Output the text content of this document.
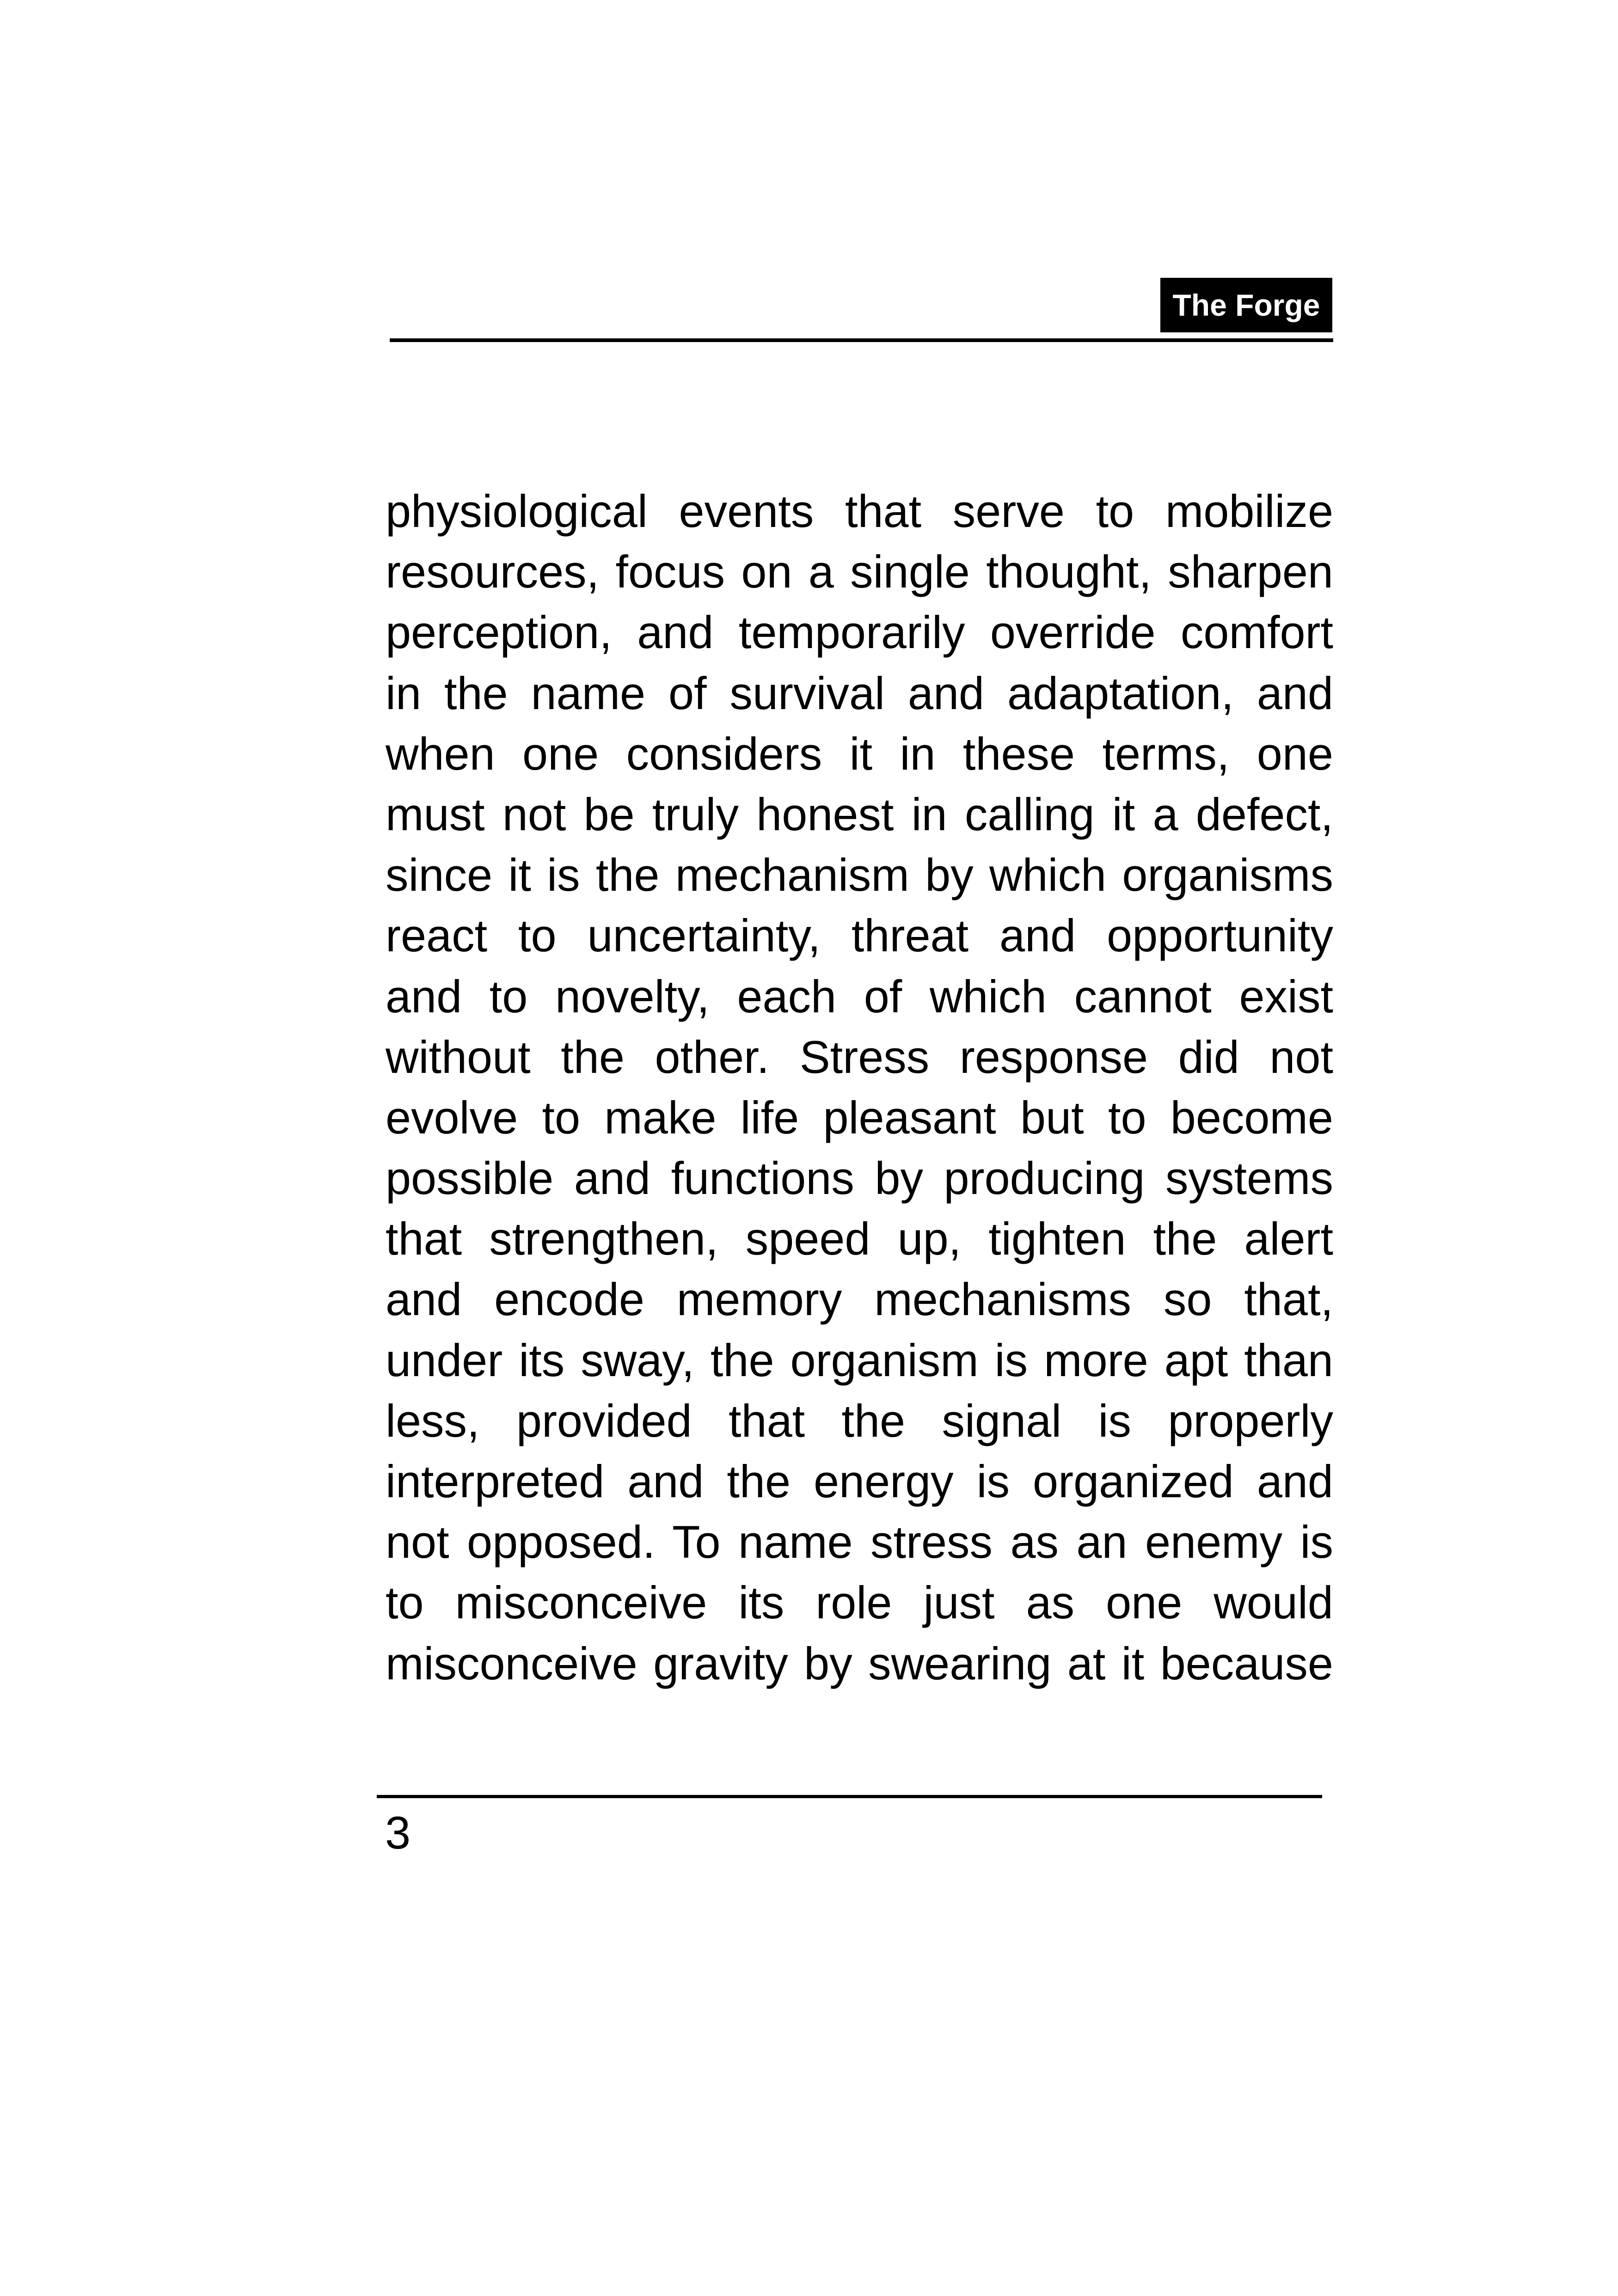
The Forge
physiological events that serve to mobilize
resources, focus on a single thought, sharpen
perception, and temporarily override comfort
in the name of survival and adaptation, and
when one considers it in these terms, one
must not be truly honest in calling it a defect,
since it is the mechanism by which organisms
react to uncertainty, threat and opportunity
and to novelty, each of which cannot exist
without the other. Stress response did not
evolve to make life pleasant but to become
possible and functions by producing systems
that strengthen, speed up, tighten the alert
and encode memory mechanisms so that,
under its sway, the organism is more apt than
less, provided that the signal is properly
interpreted and the energy is organized and
not opposed. To name stress as an enemy is
to misconceive its role just as one would
misconceive gravity by swearing at it because
3
